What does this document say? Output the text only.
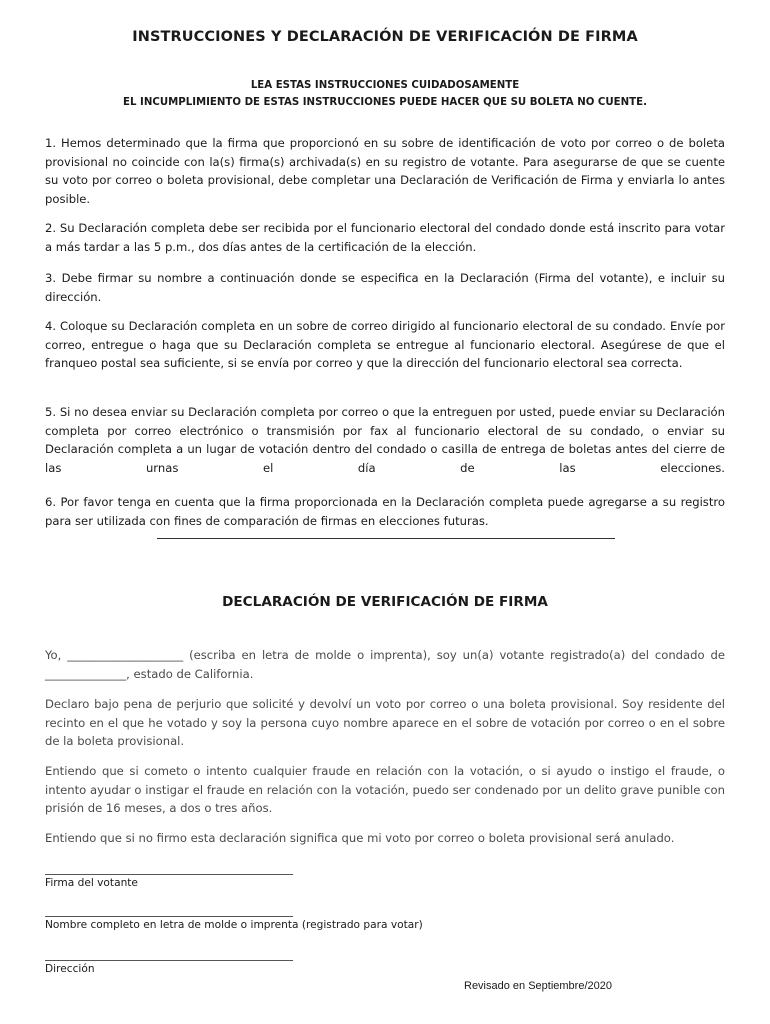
INSTRUCCIONES Y DECLARACIÓN DE VERIFICACIÓN DE FIRMA
LEA ESTAS INSTRUCCIONES CUIDADOSAMENTE
EL INCUMPLIMIENTO DE ESTAS INSTRUCCIONES PUEDE HACER QUE SU BOLETA NO CUENTE.
1. Hemos determinado que la firma que proporcionó en su sobre de identificación de voto por correo o de boleta provisional no coincide con la(s) firma(s) archivada(s) en su registro de votante. Para asegurarse de que se cuente su voto por correo o boleta provisional, debe completar una Declaración de Verificación de Firma y enviarla lo antes posible.
2. Su Declaración completa debe ser recibida por el funcionario electoral del condado donde está inscrito para votar a más tardar a las 5 p.m., dos días antes de la certificación de la elección.
3. Debe firmar su nombre a continuación donde se especifica en la Declaración (Firma del votante), e incluir su dirección.
4. Coloque su Declaración completa en un sobre de correo dirigido al funcionario electoral de su condado. Envíe por correo, entregue o haga que su Declaración completa se entregue al funcionario electoral. Asegúrese de que el franqueo postal sea suficiente, si se envía por correo y que la dirección del funcionario electoral sea correcta.
5. Si no desea enviar su Declaración completa por correo o que la entreguen por usted, puede enviar su Declaración completa por correo electrónico o transmisión por fax al funcionario electoral de su condado, o enviar su Declaración completa a un lugar de votación dentro del condado o casilla de entrega de boletas antes del cierre de las urnas el día de las elecciones.
6. Por favor tenga en cuenta que la firma proporcionada en la Declaración completa puede agregarse a su registro para ser utilizada con fines de comparación de firmas en elecciones futuras.
DECLARACIÓN DE VERIFICACIÓN DE FIRMA
Yo, ____________________ (escriba en letra de molde o imprenta), soy un(a) votante registrado(a) del condado de ______________, estado de California.
Declaro bajo pena de perjurio que solicité y devolví un voto por correo o una boleta provisional. Soy residente del recinto en el que he votado y soy la persona cuyo nombre aparece en el sobre de votación por correo o en el sobre de la boleta provisional.
Entiendo que si cometo o intento cualquier fraude en relación con la votación, o si ayudo o instigo el fraude, o intento ayudar o instigar el fraude en relación con la votación, puedo ser condenado por un delito grave punible con prisión de 16 meses, a dos o tres años.
Entiendo que si no firmo esta declaración significa que mi voto por correo o boleta provisional será anulado.
Firma del votante
Nombre completo en letra de molde o imprenta (registrado para votar)
Dirección
Revisado en Septiembre/2020
